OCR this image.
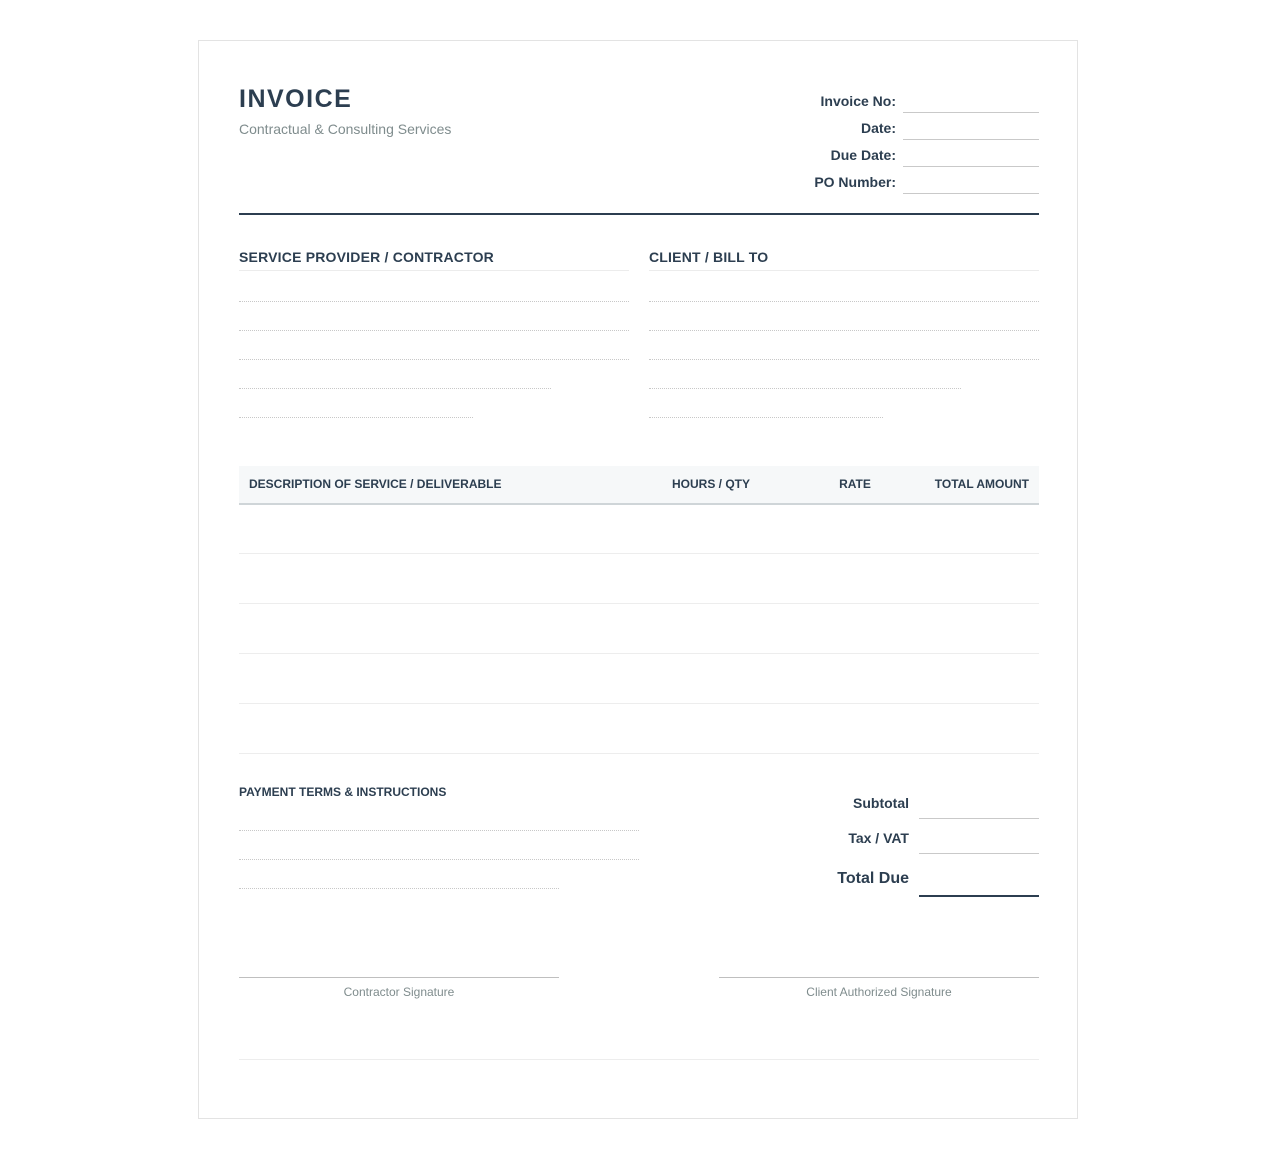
INVOICE
Contractual & Consulting Services
Invoice No:
Date:
Due Date:
PO Number:
SERVICE PROVIDER / CONTRACTOR	CLIENT / BILL TO
DESCRIPTION OF SERVICE / DELIVERABLE	HOURS / QTY	RATE	TOTAL AMOUNT
PAYMENT TERMS & INSTRUCTIONS
Subtotal
Tax / VAT
Total Due
Contractor Signature	Client Authorized Signature
